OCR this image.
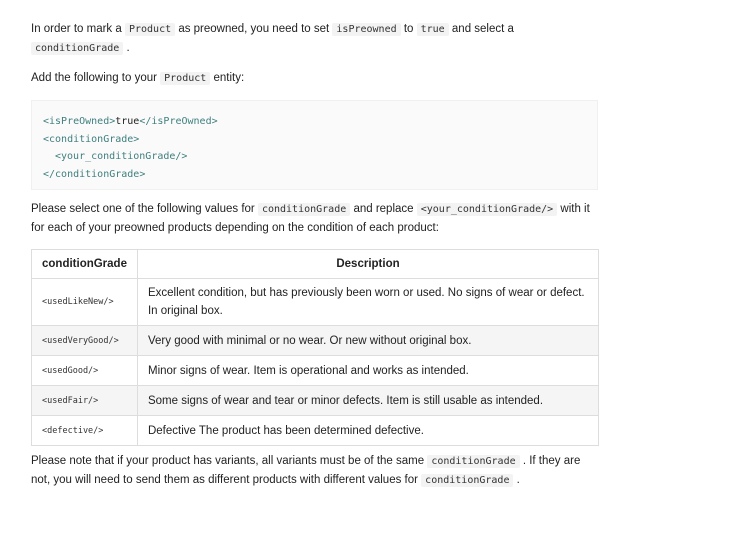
In order to mark a Product as preowned, you need to set isPreowned to true and select a
conditionGrade .

Add the following to your Product entity:

<isPreOwned>true</isPreOwned>
<conditionGrade>
<your_conditionGrade/>
</conditionGrade>

Please select one of the following values for conditionGrade and replace <your_conditionGrade/> with it for each of your preowned products depending on the condition of each product:

conditionGrade	Description
<usedLikeNew/>	Excellent condition, but has previously been worn or used. No signs of wear or defect. In original box.
<usedVeryGood/>	Very good with minimal or no wear. Or new without original box.
<usedGood/>	Minor signs of wear. Item is operational and works as intended.
<usedFair/>	Some signs of wear and tear or minor defects. Item is still usable as intended.
<defective/>	Defective The product has been determined defective.

Please note that if your product has variants, all variants must be of the same conditionGrade . If they are not, you will need to send them as different products with different values for conditionGrade .
